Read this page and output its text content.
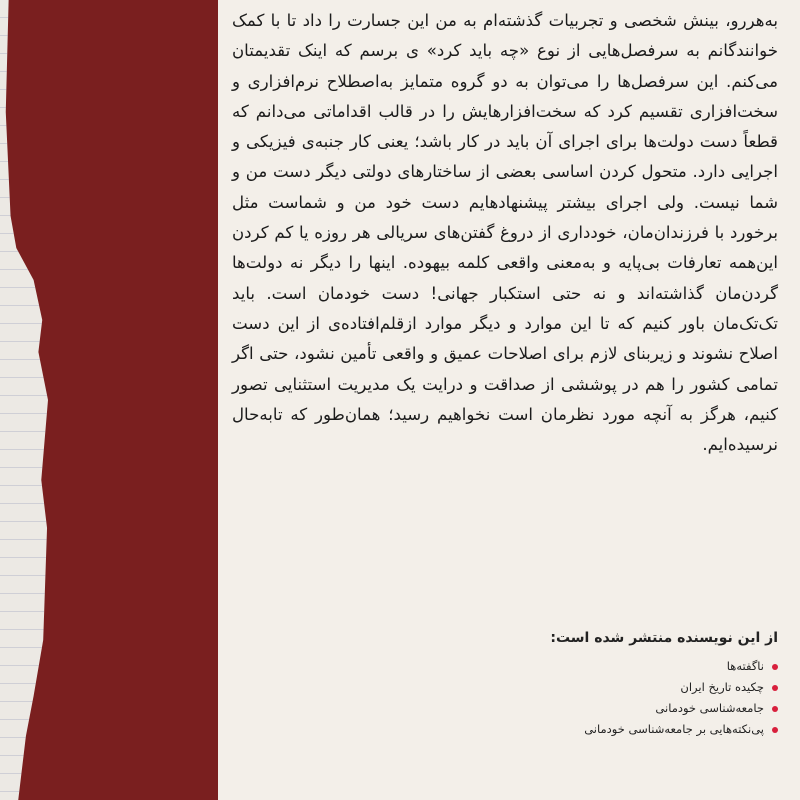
به‌هررو، بینش شخصی و تجربیات گذشته‌ام به من این جسارت را داد تا با کمک خوانندگانم به سرفصل‌هایی از نوع «چه باید کرد» ی برسم که اینک تقدیمتان می‌کنم. این سرفصل‌ها را می‌توان به دو گروه متمایز به‌اصطلاح نرم‌افزاری و سخت‌افزاری تقسیم کرد که سخت‌افزارهایش را در قالب اقداماتی می‌دانم که قطعاً دست دولت‌ها برای اجرای آن باید در کار باشد؛ یعنی کار جنبه‌ی فیزیکی و اجرایی دارد. متحول کردن اساسی بعضی از ساختارهای دولتی دیگر دست من و شما نیست. ولی اجرای بیشتر پیشنهادهایم دست خود من و شماست مثل برخورد با فرزندان‌مان، خودداری از دروغ گفتن‌های سریالی هر روزه یا کم کردن این‌همه تعارفات بی‌پایه و به‌معنی واقعی کلمه بیهوده. اینها را دیگر نه دولت‌ها گردن‌مان گذاشته‌اند و نه حتی استکبار جهانی! دست خودمان است. باید تک‌تک‌مان باور کنیم که تا این موارد و دیگر موارد ازقلم‌افتاده‌ی از این دست اصلاح نشوند و زیربنای لازم برای اصلاحات عمیق و واقعی تأمین نشود، حتی اگر تمامی کشور را هم در پوششی از صداقت و درایت یک مدیریت استثنایی تصور کنیم، هرگز به آنچه مورد نظرمان است نخواهیم رسید؛ همان‌طور که تابه‌حال نرسیده‌ایم.

از این نویسنده منتشر شده است:
ناگفته‌ها
چکیده تاریخ ایران
جامعه‌شناسی خودمانی
پی‌نکته‌هایی بر جامعه‌شناسی خودمانی
